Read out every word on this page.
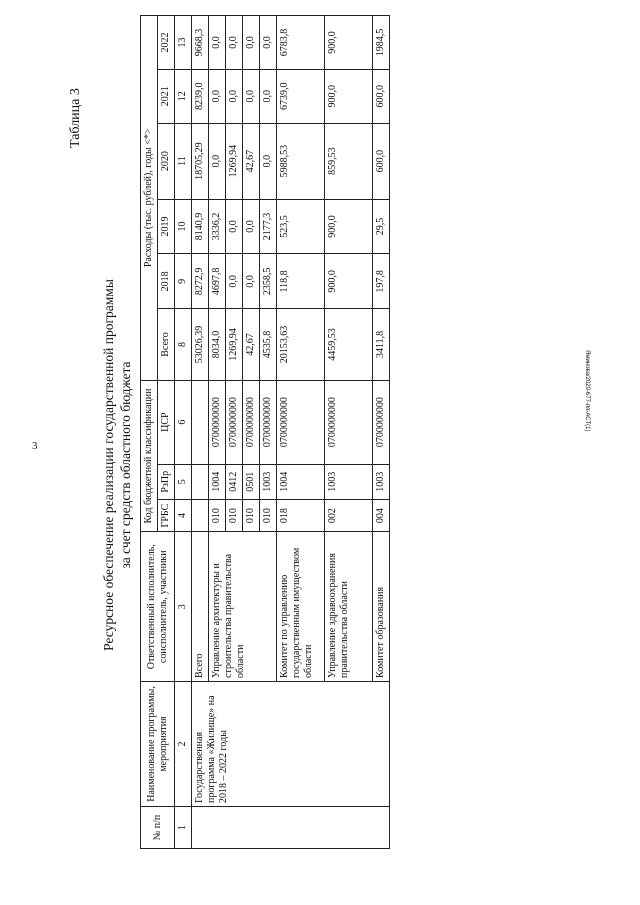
3
Яминова/2020-677-пп-АСТ(1)
Таблица 3
Ресурсное обеспечение реализации государственной программы за счет средств областного бюджета
№ п/п	Наименование программы, мероприятия	Ответственный исполнитель, соисполнитель, участники	Код бюджетной классификации			Расходы (тыс. рублей), годы <*>					
			ГРБС	РзПр	ЦСР	Всего	2018	2019	2020	2021	2022
1	2	3	4	5	6	8	9	10	11	12	13
	Государственная программа «Жилище» на 2018 – 2022 годы	Всего				53026,39	8272,9	8140,9	18705,29	8239,0	9668,3
		Управление архитектуры и строительства правительства области	010	1004	0700000000	8034,0	4697,8	3336,2	0,0	0,0	0,0
			010	0412	0700000000	1269,94	0,0	0,0	1269,94	0,0	0,0
			010	0501	0700000000	42,67	0,0	0,0	42,67	0,0	0,0
			010	1003	0700000000	4535,8	2358,5	2177,3	0,0	0,0	0,0
		Комитет по управлению государственным имуществом области	018	1004	0700000000	20153,63	118,8	523,5	5988,53	6739,0	6783,8
		Управление здравоохранения правительства области	002	1003	0700000000	4459,53	900,0	900,0	859,53	900,0	900,0
		Комитет образования	004	1003	0700000000	3411,8	197,8	29,5	600,0	600,0	1984,5
